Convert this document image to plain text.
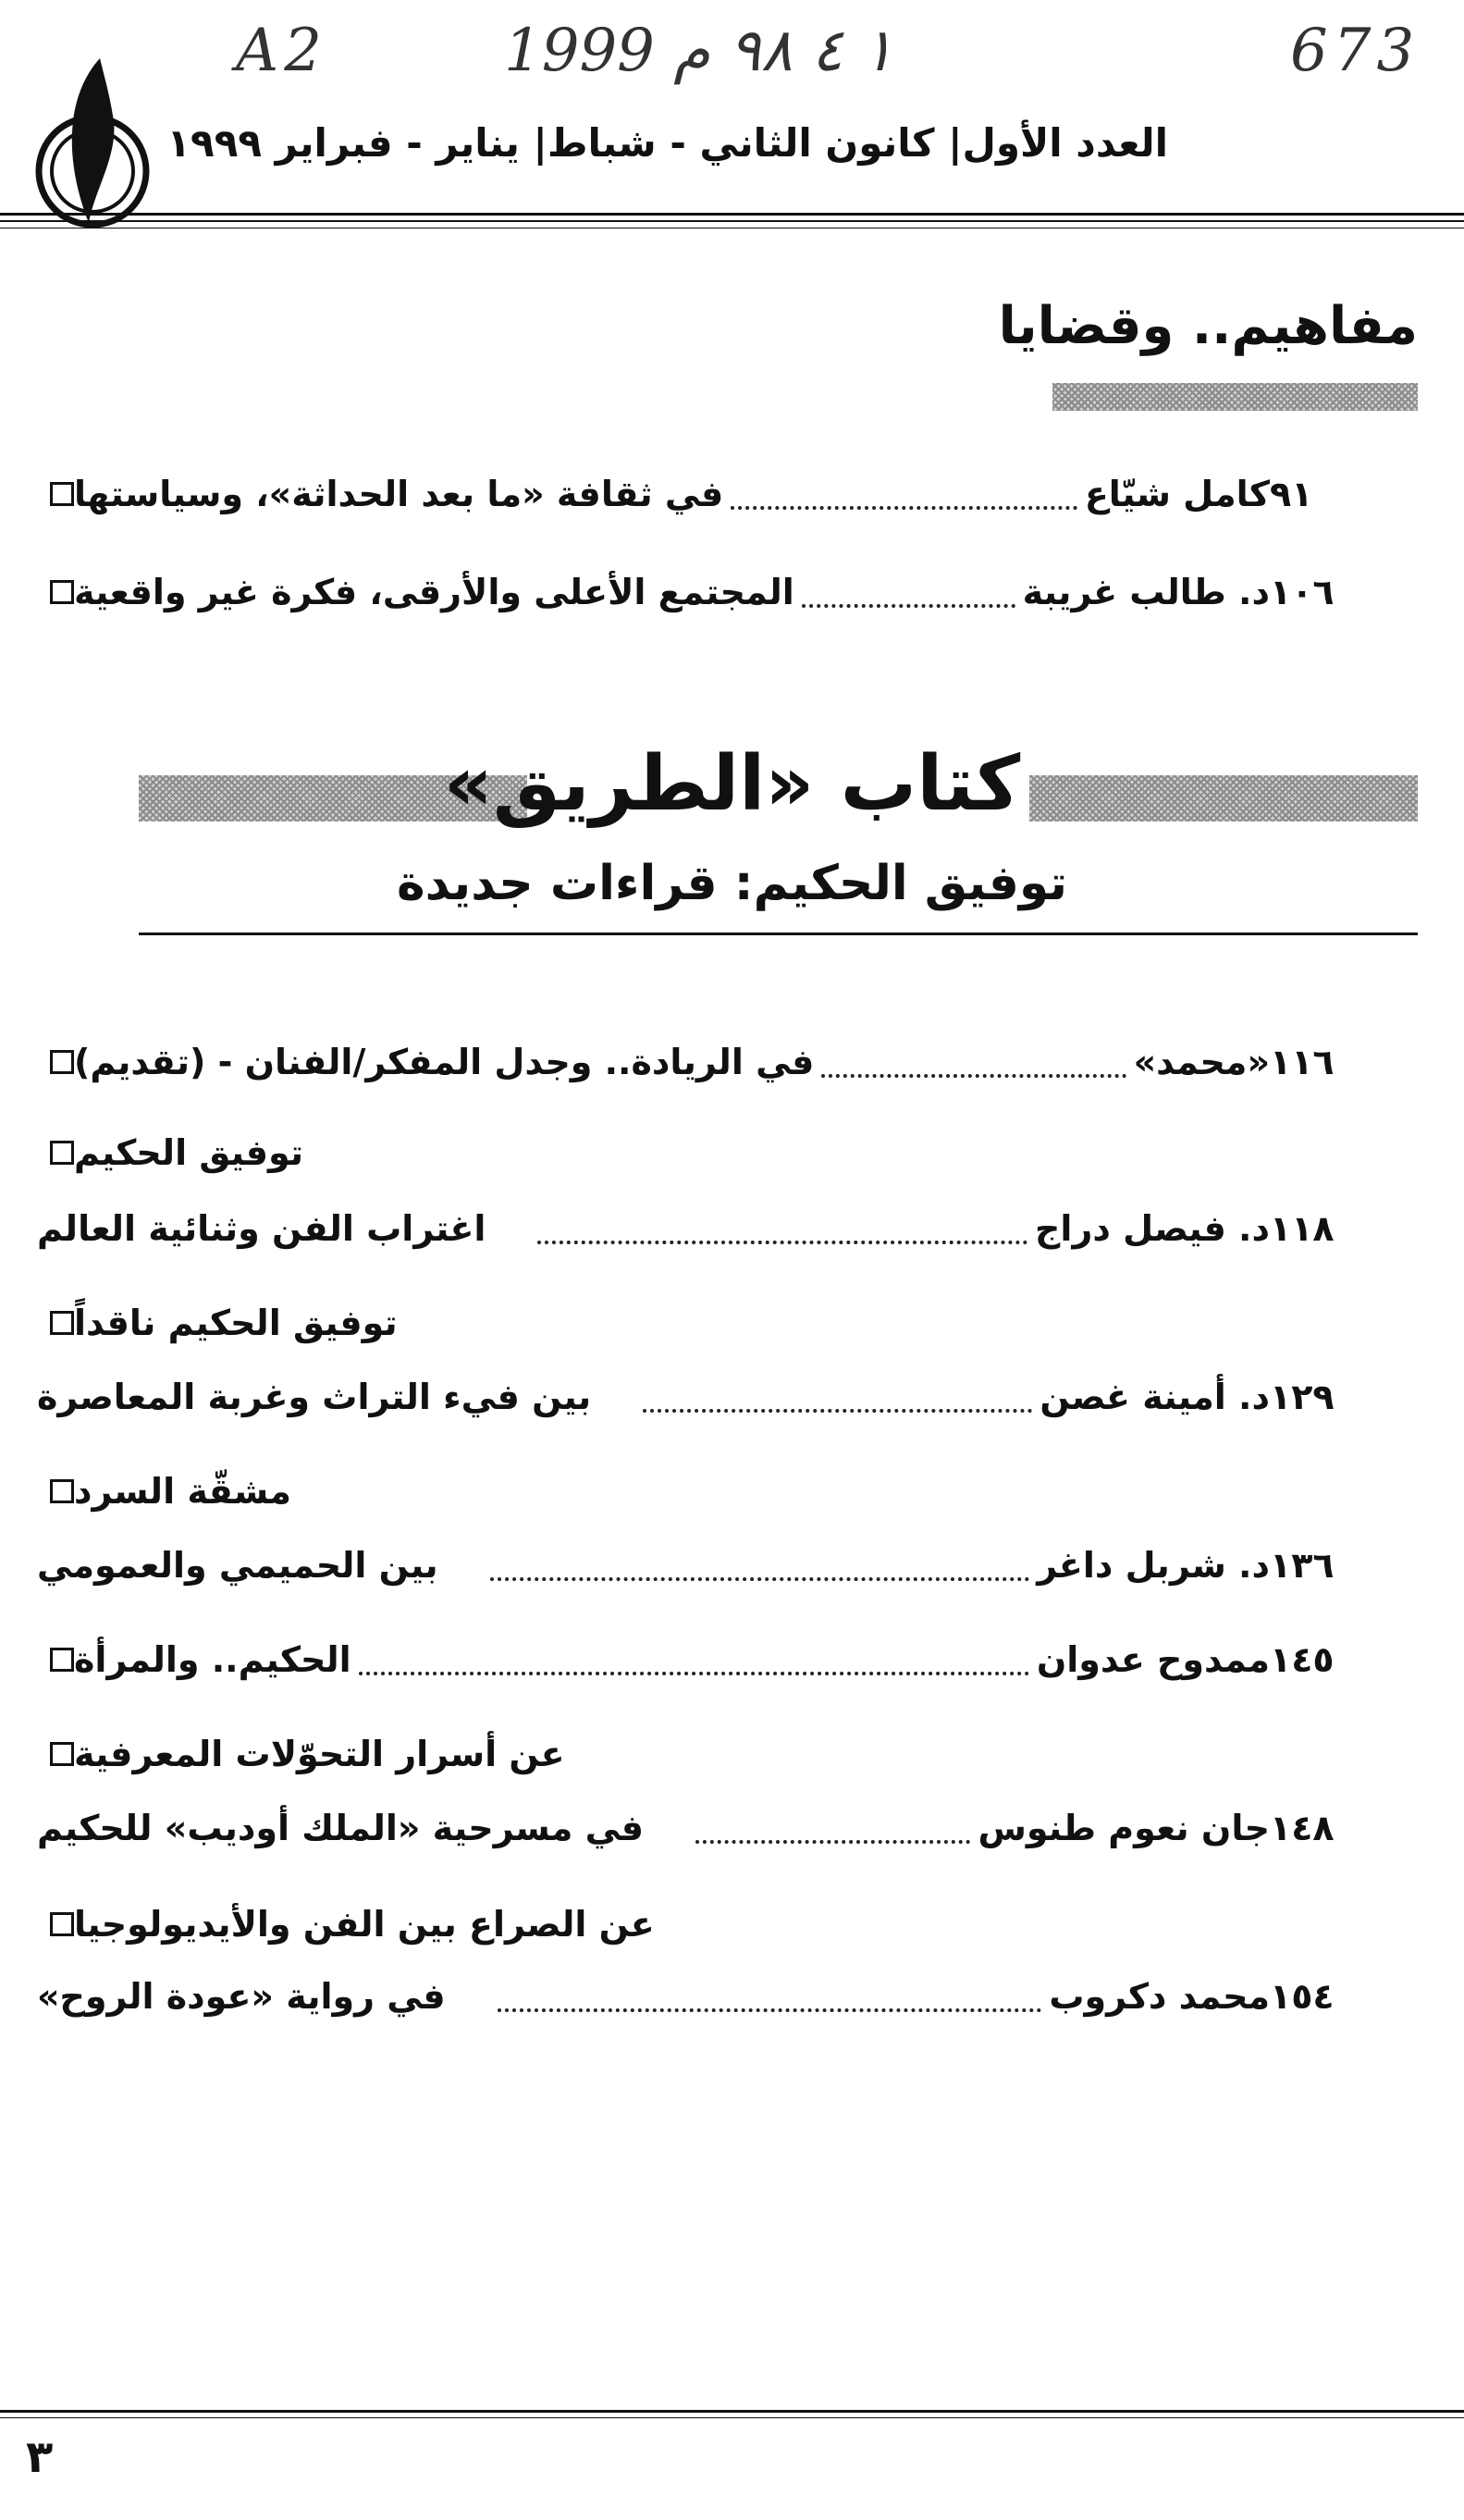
A2	١ ٤ ٩٨ م 1999	673
العدد الأول| كانون الثاني - شباط| يناير - فبراير ١٩٩٩
مفاهيم.. وقضايا
في ثقافة «ما بعد الحداثة»، وسياستها	كامل شيّاع ٩١
المجتمع الأعلى والأرقى، فكرة غير واقعية	د. طالب غريبة ١٠٦
كتاب «الطريق»
توفيق الحكيم: قراءات جديدة
في الريادة.. وجدل المفكر/الفنان - (تقديم)	«محمد» ١١٦
توفيق الحكيم
اغتراب الفن وثنائية العالم	د. فيصل دراج ١١٨
توفيق الحكيم ناقداً
بين فيء التراث وغربة المعاصرة	د. أمينة غصن ١٢٩
مشقّة السرد
بين الحميمي والعمومي	د. شربل داغر ١٣٦
الحكيم.. والمرأة	ممدوح عدوان ١٤٥
عن أسرار التحوّلات المعرفية
في مسرحية «الملك أوديب» للحكيم	جان نعوم طنوس ١٤٨
عن الصراع بين الفن والأيديولوجيا
في رواية «عودة الروح»	محمد دكروب ١٥٤
٣
